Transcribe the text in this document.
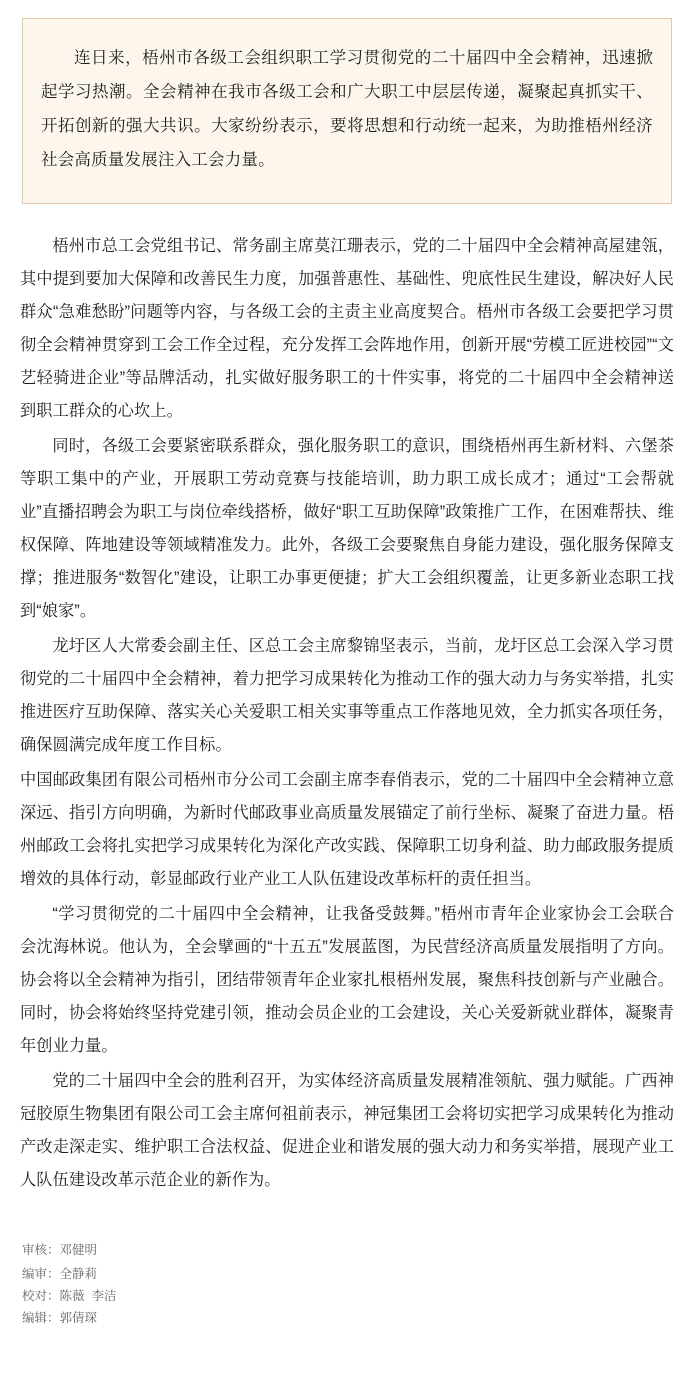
连日来，梧州市各级工会组织职工学习贯彻党的二十届四中全会精神，迅速掀起学习热潮。全会精神在我市各级工会和广大职工中层层传递，凝聚起真抓实干、开拓创新的强大共识。大家纷纷表示，要将思想和行动统一起来，为助推梧州经济社会高质量发展注入工会力量。

梧州市总工会党组书记、常务副主席莫江珊表示，党的二十届四中全会精神高屋建瓴，其中提到要加大保障和改善民生力度，加强普惠性、基础性、兜底性民生建设，解决好人民群众“急难愁盼”问题等内容，与各级工会的主责主业高度契合。梧州市各级工会要把学习贯彻全会精神贯穿到工会工作全过程，充分发挥工会阵地作用，创新开展“劳模工匠进校园”“文艺轻骑进企业”等品牌活动，扎实做好服务职工的十件实事，将党的二十届四中全会精神送到职工群众的心坎上。

同时，各级工会要紧密联系群众，强化服务职工的意识，围绕梧州再生新材料、六堡茶等职工集中的产业，开展职工劳动竞赛与技能培训，助力职工成长成才；通过“工会帮就业”直播招聘会为职工与岗位牵线搭桥，做好“职工互助保障”政策推广工作，在困难帮扶、维权保障、阵地建设等领域精准发力。此外，各级工会要聚焦自身能力建设，强化服务保障支撑；推进服务“数智化”建设，让职工办事更便捷；扩大工会组织覆盖，让更多新业态职工找到“娘家”。

龙圩区人大常委会副主任、区总工会主席黎锦坚表示，当前，龙圩区总工会深入学习贯彻党的二十届四中全会精神，着力把学习成果转化为推动工作的强大动力与务实举措，扎实推进医疗互助保障、落实关心关爱职工相关实事等重点工作落地见效，全力抓实各项任务，确保圆满完成年度工作目标。

中国邮政集团有限公司梧州市分公司工会副主席李春俏表示，党的二十届四中全会精神立意深远、指引方向明确，为新时代邮政事业高质量发展锚定了前行坐标、凝聚了奋进力量。梧州邮政工会将扎实把学习成果转化为深化产改实践、保障职工切身利益、助力邮政服务提质增效的具体行动，彰显邮政行业产业工人队伍建设改革标杆的责任担当。

“学习贯彻党的二十届四中全会精神，让我备受鼓舞。”梧州市青年企业家协会工会联合会沈海林说。他认为，全会擘画的“十五五”发展蓝图，为民营经济高质量发展指明了方向。协会将以全会精神为指引，团结带领青年企业家扎根梧州发展，聚焦科技创新与产业融合。同时，协会将始终坚持党建引领，推动会员企业的工会建设，关心关爱新就业群体，凝聚青年创业力量。

党的二十届四中全会的胜利召开，为实体经济高质量发展精准领航、强力赋能。广西神冠胶原生物集团有限公司工会主席何祖前表示，神冠集团工会将切实把学习成果转化为推动产改走深走实、维护职工合法权益、促进企业和谐发展的强大动力和务实举措，展现产业工人队伍建设改革示范企业的新作为。

审核：邓健明
编审：全静莉
校对：陈薇  李洁
编辑：郭倩琛
